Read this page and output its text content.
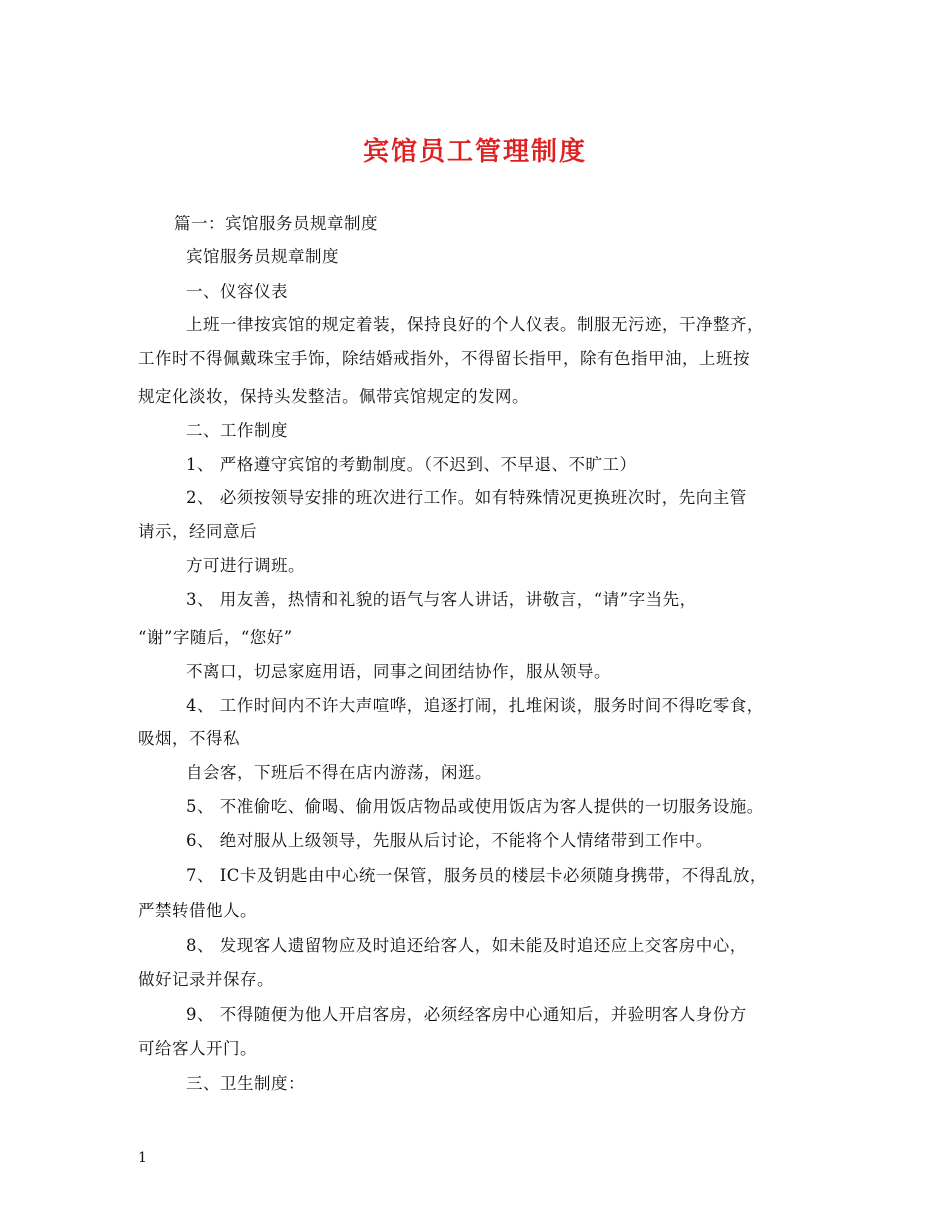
宾馆员工管理制度
篇一：宾馆服务员规章制度
宾馆服务员规章制度
一、仪容仪表
上班一律按宾馆的规定着装，保持良好的个人仪表。制服无污迹，干净整齐，
工作时不得佩戴珠宝手饰，除结婚戒指外，不得留长指甲，除有色指甲油，上班按
规定化淡妆，保持头发整洁。佩带宾馆规定的发网。
二、工作制度
1、 严格遵守宾馆的考勤制度。（不迟到、不早退、不旷工）
2、 必须按领导安排的班次进行工作。如有特殊情况更换班次时，先向主管
请示，经同意后
方可进行调班。
3、 用友善，热情和礼貌的语气与客人讲话，讲敬言，“请”字当先，
“谢”字随后，“您好”
不离口，切忌家庭用语，同事之间团结协作，服从领导。
4、 工作时间内不许大声喧哗，追逐打闹，扎堆闲谈，服务时间不得吃零食，
吸烟，不得私
自会客，下班后不得在店内游荡，闲逛。
5、 不准偷吃、偷喝、偷用饭店物品或使用饭店为客人提供的一切服务设施。
6、 绝对服从上级领导，先服从后讨论，不能将个人情绪带到工作中。
7、 IC卡及钥匙由中心统一保管，服务员的楼层卡必须随身携带，不得乱放，
严禁转借他人。
8、 发现客人遗留物应及时追还给客人，如未能及时追还应上交客房中心，
做好记录并保存。
9、 不得随便为他人开启客房，必须经客房中心通知后，并验明客人身份方
可给客人开门。
三、卫生制度：
1
